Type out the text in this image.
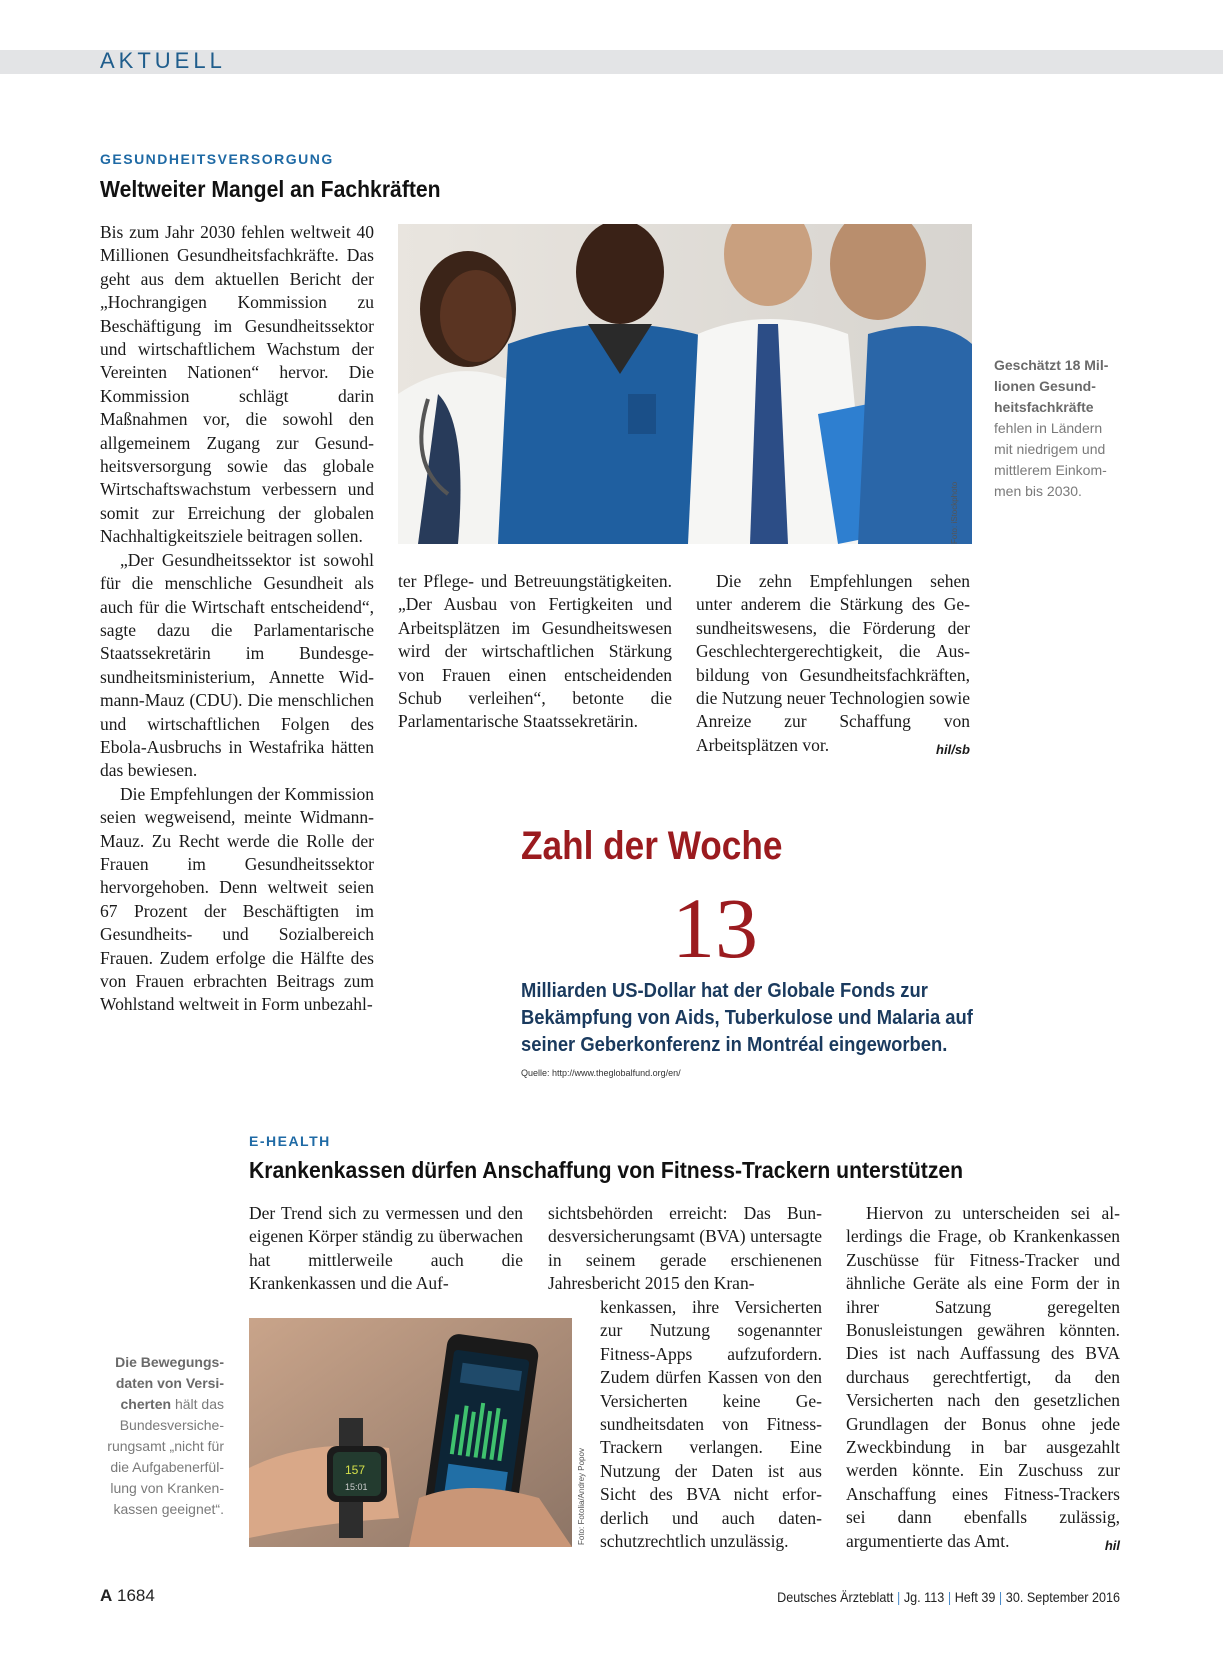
AKTUELL
GESUNDHEITSVERSORGUNG
Weltweiter Mangel an Fachkräften

Bis zum Jahr 2030 fehlen weltweit 40 Millionen Gesundheitsfachkräfte. Das geht aus dem aktuellen Bericht der „Hochrangigen Kommission zu Beschäftigung im Gesundheitssektor und wirtschaftlichem Wachstum der Vereinten Nationen“ hervor. Die Kommission schlägt darin Maßnahmen vor, die sowohl den allgemeinem Zugang zur Gesundheitsversorgung sowie das globale Wirtschaftswachstum verbessern und somit zur Erreichung der globalen Nachhaltigkeitsziele beitragen sollen.

„Der Gesundheitssektor ist sowohl für die menschliche Gesundheit als auch für die Wirtschaft entscheidend“, sagte dazu die Parlamentarische Staatssekretärin im Bundesgesundheitsministerium, Annette Widmann-Mauz (CDU). Die menschlichen und wirtschaftlichen Folgen des Ebola-Ausbruchs in Westafrika hätten das bewiesen.

Die Empfehlungen der Kommission seien wegweisend, meinte Widmann-Mauz. Zu Recht werde die Rolle der Frauen im Gesundheitssektor hervorgehoben. Denn weltweit seien 67 Prozent der Beschäftigten im Gesundheits- und Sozialbereich Frauen. Zudem erfolge die Hälfte des von Frauen erbrachten Beitrags zum Wohlstand weltweit in Form unbezahl-

Foto: iStockphoto
Geschätzt 18 Millionen Gesundheitsfachkräfte
fehlen in Ländern mit niedrigem und mittlerem Einkommen bis 2030.

ter Pflege- und Betreuungstätigkeiten. „Der Ausbau von Fertigkeiten und Arbeitsplätzen im Gesundheitswesen wird der wirtschaftlichen Stärkung von Frauen einen entscheidenden Schub verleihen“, betonte die Parlamentarische Staatssekretärin.

Die zehn Empfehlungen sehen unter anderem die Stärkung des Gesundheitswesens, die Förderung der Geschlechtergerechtigkeit, die Ausbildung von Gesundheitsfachkräften, die Nutzung neuer Technologien sowie Anreize zur Schaffung von Arbeitsplätzen vor.	hil/sb

Zahl der Woche
13
Milliarden US-Dollar hat der Globale Fonds zur Bekämpfung von Aids, Tuberkulose und Malaria auf seiner Geberkonferenz in Montréal eingeworben.
Quelle: http://www.theglobalfund.org/en/
E-HEALTH
Krankenkassen dürfen Anschaffung von Fitness-Trackern unterstützen

Der Trend sich zu vermessen und den eigenen Körper ständig zu überwachen hat mittlerweile auch die Krankenkassen und die Auf-

157
15:01	Foto: Fotolia/Andrey Popov
Die Bewegungsdaten von Versicherten hält das Bundesversicherungsamt „nicht für die Aufgabenerfüllung von Krankenkassen geeignet“.

sichtsbehörden erreicht: Das Bundesversicherungsamt (BVA) untersagte in seinem gerade erschienenen Jahresbericht 2015 den Kran-

kenkassen, ihre Versicherten zur Nutzung sogenannter Fitness-Apps aufzufordern. Zudem dürfen Kassen von den Versicherten keine Gesundheitsdaten von Fitness-Trackern verlangen. Eine Nutzung der Daten ist aus Sicht des BVA nicht erforderlich und auch datenschutzrechtlich unzulässig.

Hiervon zu unterscheiden sei allerdings die Frage, ob Krankenkassen Zuschüsse für Fitness-Tracker und ähnliche Geräte als eine Form der in ihrer Satzung geregelten Bonusleistungen gewähren könnten. Dies ist nach Auffassung des BVA durchaus gerechtfertigt, da den Versicherten nach den gesetzlichen Grundlagen der Bonus ohne jede Zweckbindung in bar ausgezahlt werden könnte. Ein Zuschuss zur Anschaffung eines Fitness-Trackers sei dann ebenfalls zulässig, argumentierte das Amt.	hil

A 1684	Deutsches Ärzteblatt | Jg. 113 | Heft 39 | 30. September 2016
